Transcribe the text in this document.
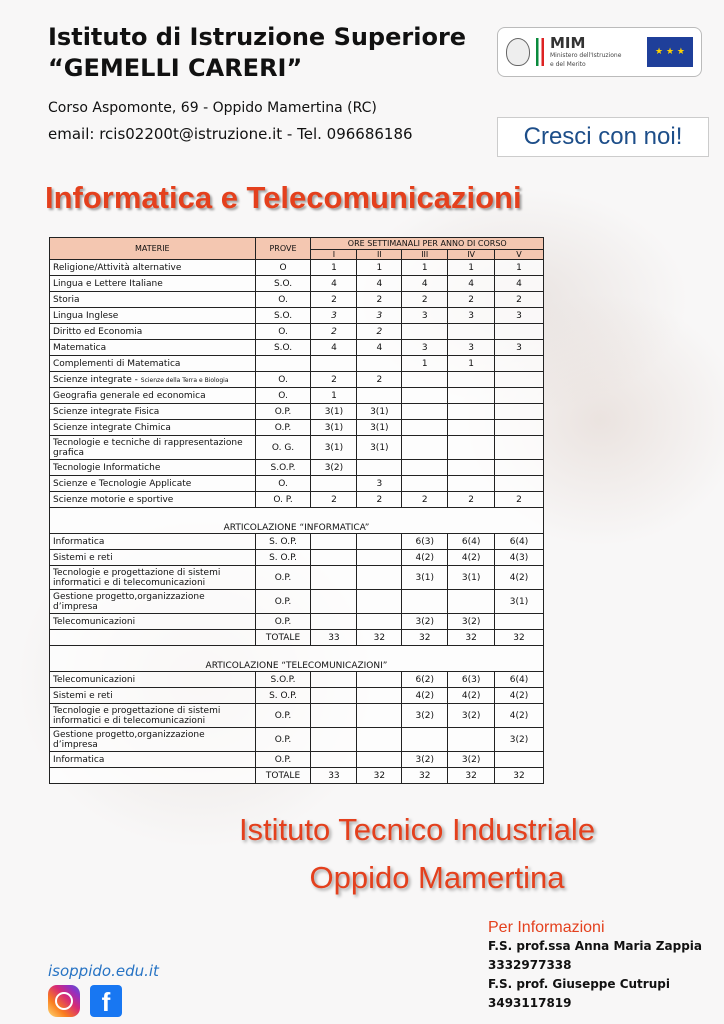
Istituto di Istruzione Superiore
“GEMELLI CARERI”
Corso Aspomonte, 69 - Oppido Mamertina (RC)
email: rcis02200t@istruzione.it - Tel. 096686186
MIM
Ministero dell'Istruzione
e del Merito
★ ★ ★
Cresci con noi!
Informatica e Telecomunicazioni
MATERIE	PROVE	ORE SETTIMANALI PER ANNO DI CORSO				
		I	II	III	IV	V
Religione/Attività alternative	O	1	1	1	1	1
Lingua e Lettere Italiane	S.O.	4	4	4	4	4
Storia	O.	2	2	2	2	2
Lingua Inglese	S.O.	3	3	3	3	3
Diritto ed Economia	O.	2	2			
Matematica	S.O.	4	4	3	3	3
Complementi di Matematica				1	1	
Scienze integrate - Scienze della Terra e Biologia	O.	2	2			
Geografia generale ed economica	O.	1				
Scienze integrate Fisica	O.P.	3(1)	3(1)			
Scienze integrate Chimica	O.P.	3(1)	3(1)			
Tecnologie e tecniche di rappresentazione grafica	O. G.	3(1)	3(1)			
Tecnologie Informatiche	S.O.P.	3(2)				
Scienze e Tecnologie Applicate	O.		3			
Scienze motorie e sportive	O. P.	2	2	2	2	2
ARTICOLAZIONE “INFORMATICA”						
Informatica	S. O.P.			6(3)	6(4)	6(4)
Sistemi e reti	S. O.P.			4(2)	4(2)	4(3)
Tecnologie e progettazione di sistemi informatici e di telecomunicazioni	O.P.			3(1)	3(1)	4(2)
Gestione progetto,organizzazione d’impresa	O.P.					3(1)
Telecomunicazioni	O.P.			3(2)	3(2)	
	TOTALE	33	32	32	32	32
ARTICOLAZIONE “TELECOMUNICAZIONI”						
Telecomunicazioni	S.O.P.			6(2)	6(3)	6(4)
Sistemi e reti	S. O.P.			4(2)	4(2)	4(2)
Tecnologie e progettazione di sistemi informatici e di telecomunicazioni	O.P.			3(2)	3(2)	4(2)
Gestione progetto,organizzazione d’impresa	O.P.					3(2)
Informatica	O.P.			3(2)	3(2)	
	TOTALE	33	32	32	32	32
Istituto Tecnico Industriale
Oppido Mamertina
Per Informazioni
F.S. prof.ssa Anna Maria Zappia
3332977338
F.S. prof. Giuseppe Cutrupi
3493117819
isoppido.edu.it
f
